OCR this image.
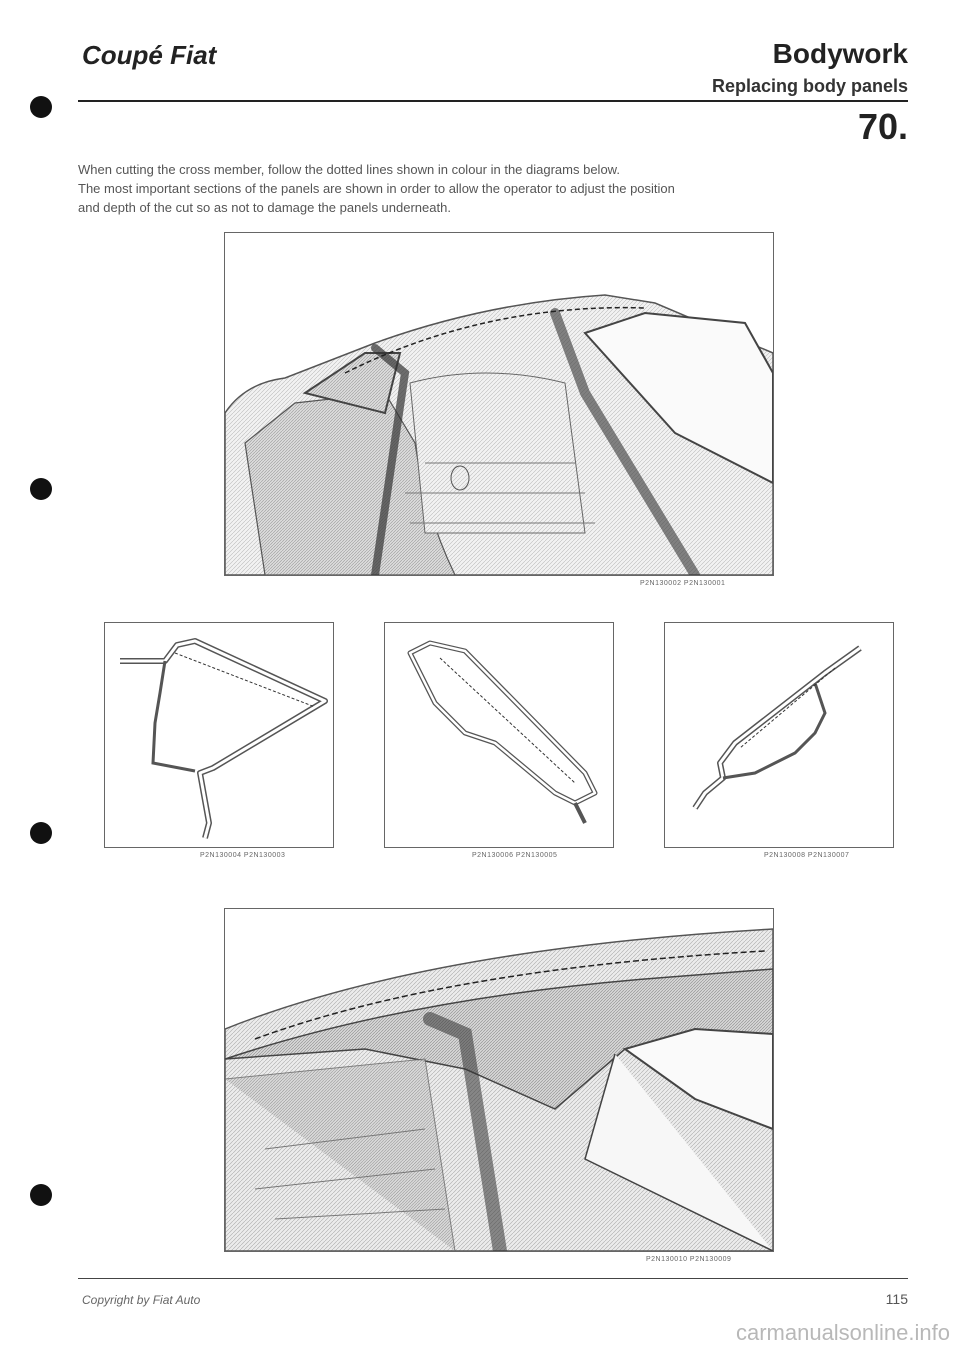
Coupé Fiat	Bodywork
Replacing body panels
70.

When cutting the cross member, follow the dotted lines shown in colour in the diagrams below.

The most important sections of the panels are shown in order to allow the operator to adjust the position

and depth of the cut so as not to damage the panels underneath.

P2N130002 P2N130001
P2N130004 P2N130003	P2N130006 P2N130005	P2N130008 P2N130007
P2N130010 P2N130009
Copyright by Fiat Auto	115
carmanualsonline.info
